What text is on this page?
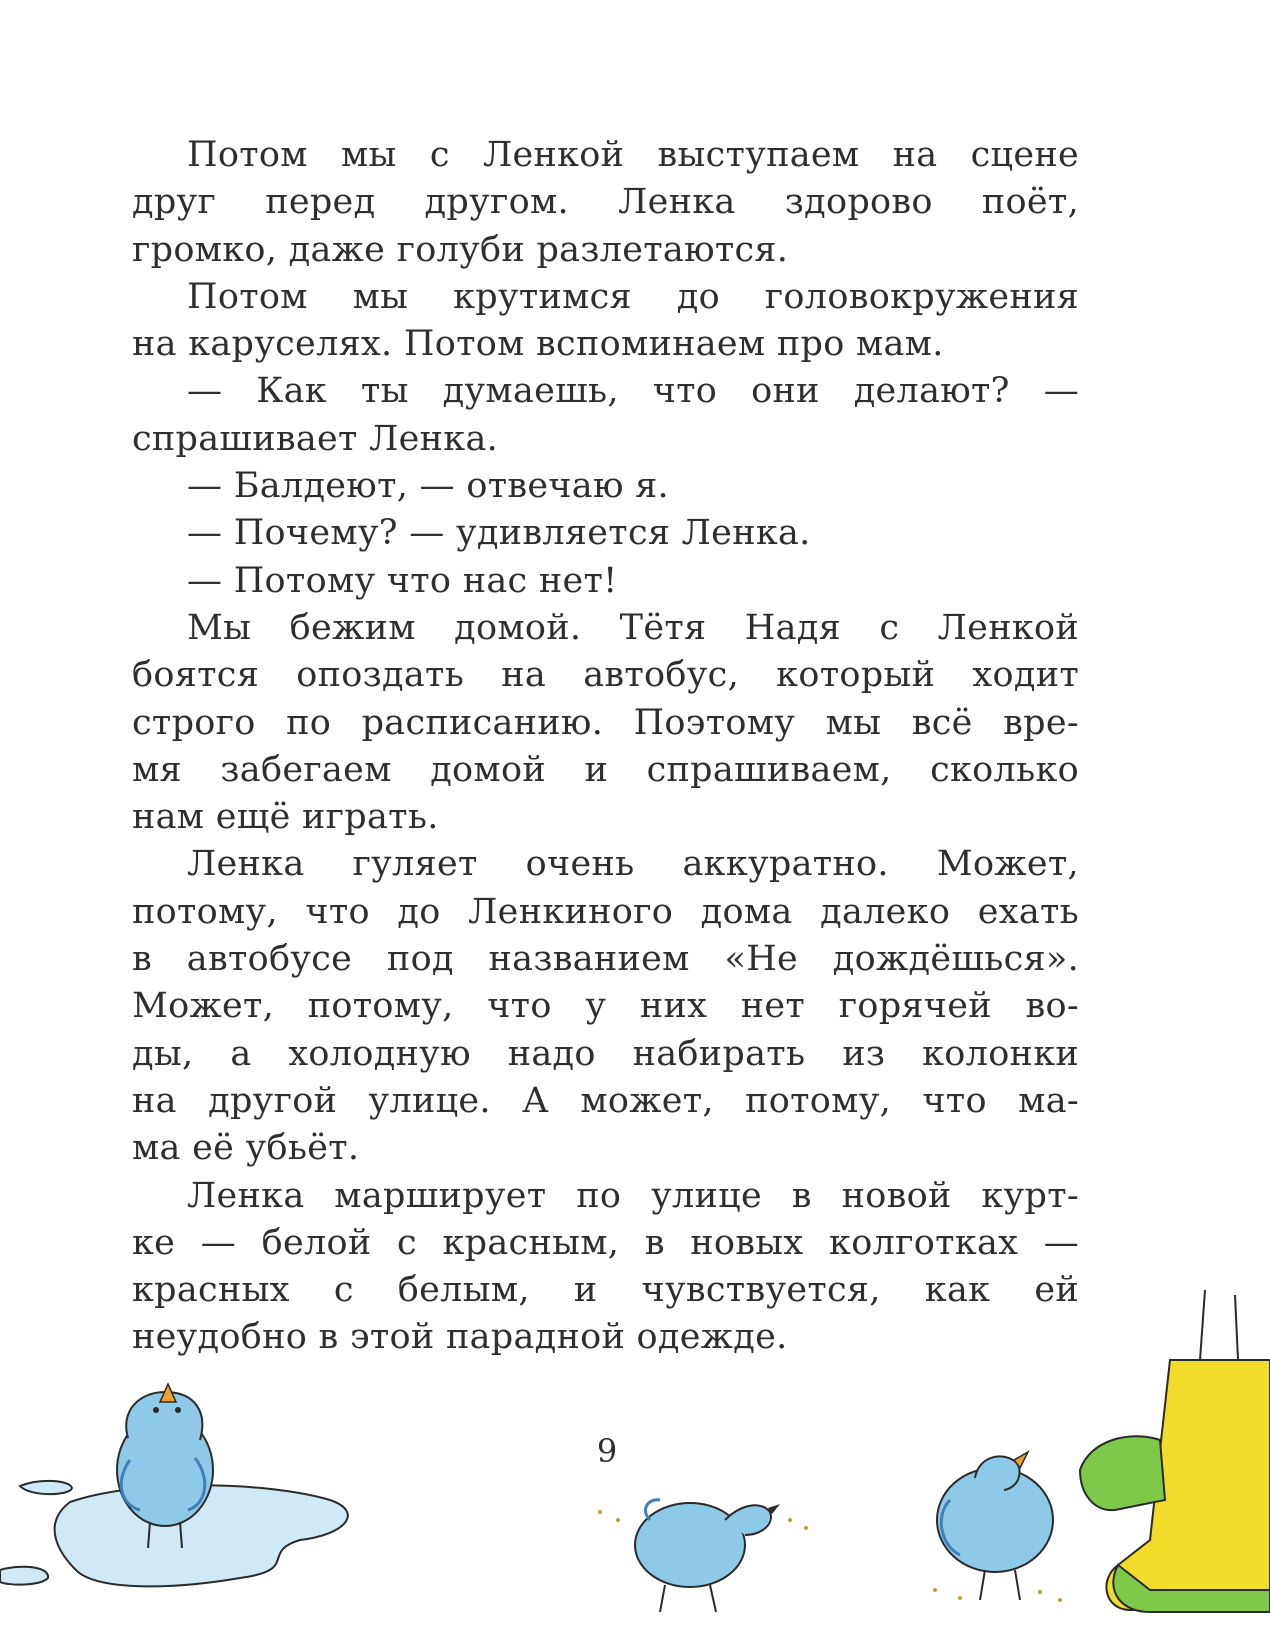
Потом мы с Ленкой выступаем на сцене
друг перед другом. Ленка здорово поёт,
громко, даже голуби разлетаются.
Потом мы крутимся до головокружения
на каруселях. Потом вспоминаем про мам.
— Как ты думаешь, что они делают? —
спрашивает Ленка.
— Балдеют, — отвечаю я.
— Почему? — удивляется Ленка.
— Потому что нас нет!
Мы бежим домой. Тётя Надя с Ленкой
боятся опоздать на автобус, который ходит
строго по расписанию. Поэтому мы всё вре-
мя забегаем домой и спрашиваем, сколько
нам ещё играть.
Ленка гуляет очень аккуратно. Может,
потому, что до Ленкиного дома далеко ехать
в автобусе под названием «Не дождёшься».
Может, потому, что у них нет горячей во-
ды, а холодную надо набирать из колонки
на другой улице. А может, потому, что ма-
ма её убьёт.
Ленка марширует по улице в новой курт-
ке — белой с красным, в новых колготках —
красных с белым, и чувствуется, как ей
неудобно в этой парадной одежде.
9
